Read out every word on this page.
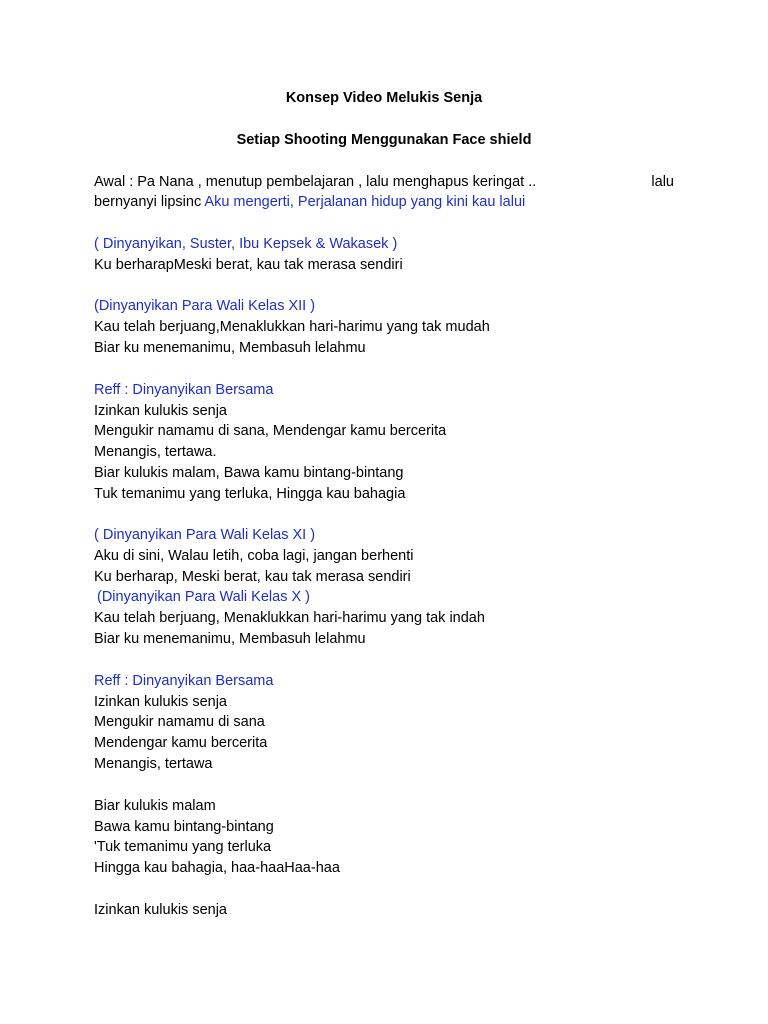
Konsep Video Melukis Senja
Setiap Shooting Menggunakan Face shield
Awal : Pa Nana , menutup pembelajaran , lalu menghapus keringat ..	lalu
bernyanyi lipsinc Aku mengerti, Perjalanan hidup yang kini kau lalui
( Dinyanyikan, Suster, Ibu Kepsek & Wakasek )
Ku berharapMeski berat, kau tak merasa sendiri
(Dinyanyikan Para Wali Kelas XII )
Kau telah berjuang,Menaklukkan hari-harimu yang tak mudah
Biar ku menemanimu, Membasuh lelahmu
Reff : Dinyanyikan Bersama
Izinkan kulukis senja
Mengukir namamu di sana, Mendengar kamu bercerita
Menangis, tertawa.
Biar kulukis malam, Bawa kamu bintang-bintang
Tuk temanimu yang terluka, Hingga kau bahagia
( Dinyanyikan Para Wali Kelas XI )
Aku di sini, Walau letih, coba lagi, jangan berhenti
Ku berharap, Meski berat, kau tak merasa sendiri
(Dinyanyikan Para Wali Kelas X )
Kau telah berjuang, Menaklukkan hari-harimu yang tak indah
Biar ku menemanimu, Membasuh lelahmu
Reff : Dinyanyikan Bersama
Izinkan kulukis senja
Mengukir namamu di sana
Mendengar kamu bercerita
Menangis, tertawa
Biar kulukis malam
Bawa kamu bintang-bintang
'Tuk temanimu yang terluka
Hingga kau bahagia, haa-haaHaa-haa
Izinkan kulukis senja
